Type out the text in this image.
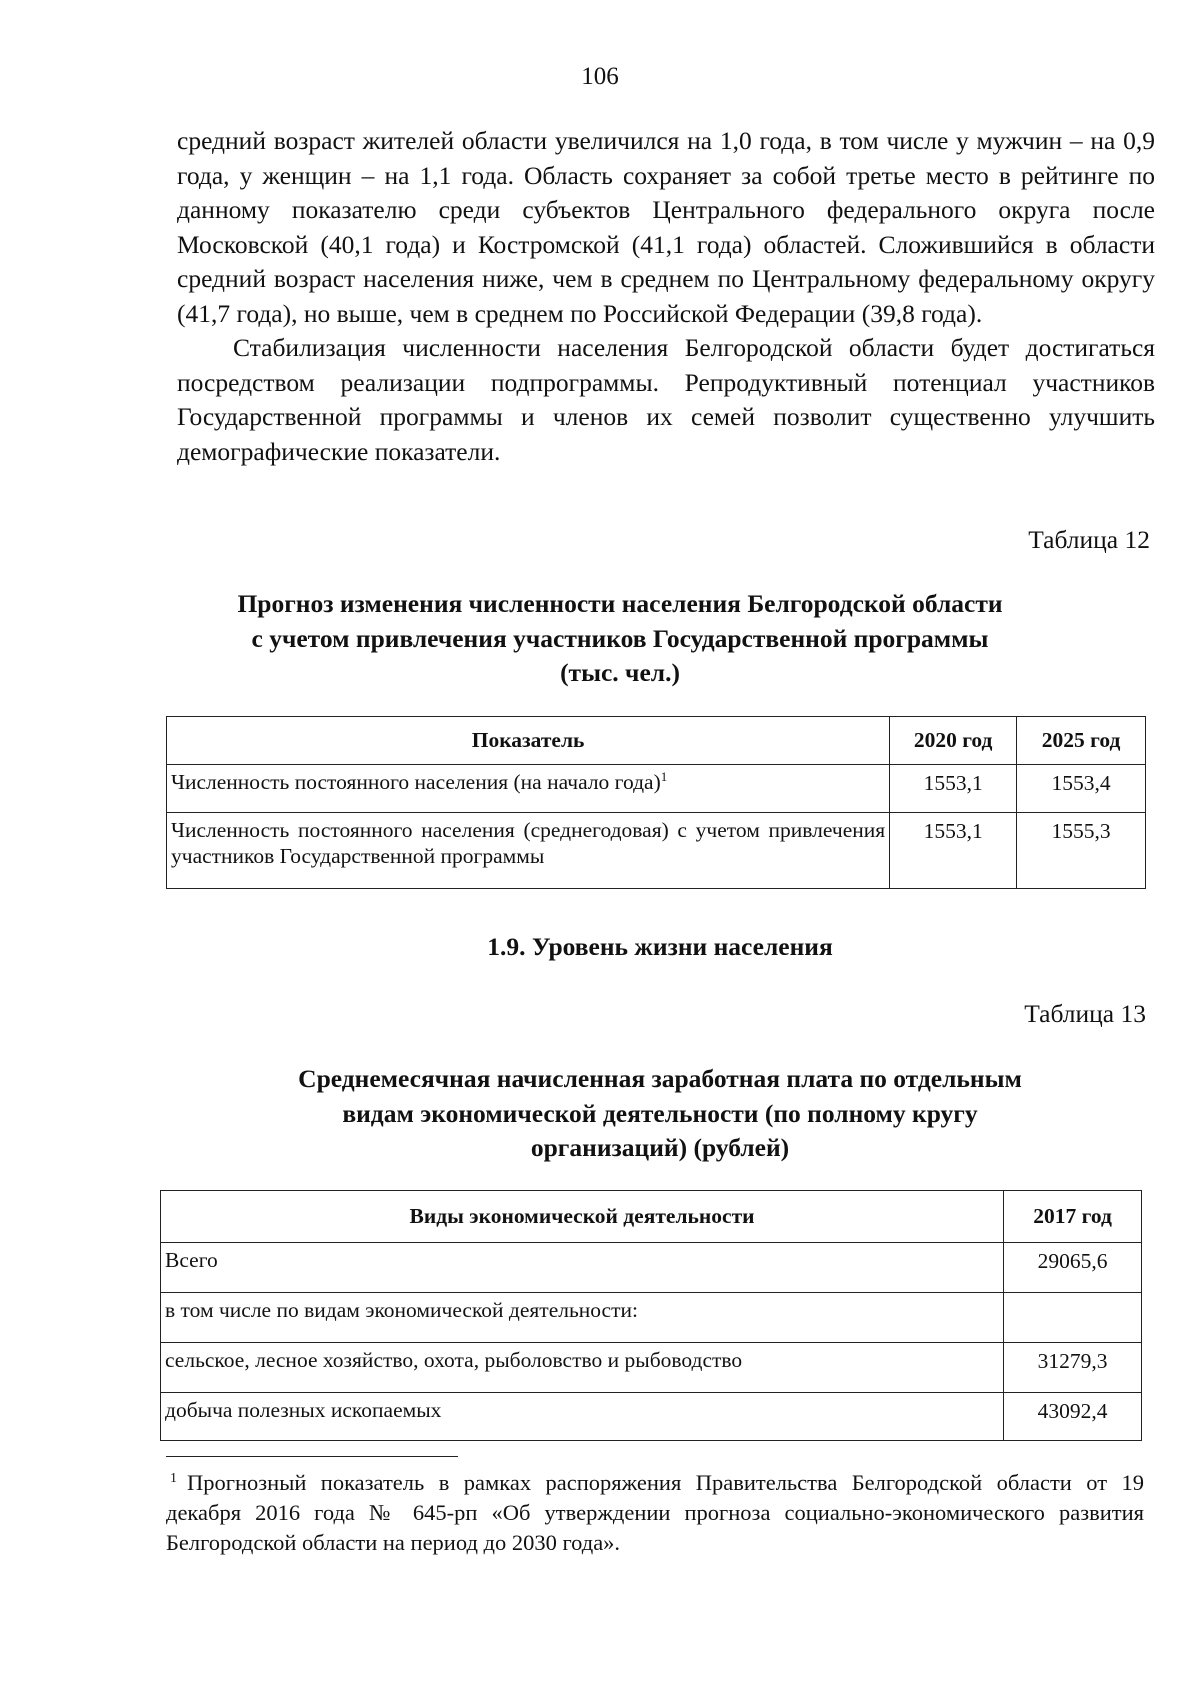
106

средний возраст жителей области увеличился на 1,0 года, в том числе у мужчин – на 0,9 года, у женщин – на 1,1 года. Область сохраняет за собой третье место в рейтинге по данному показателю среди субъектов Центрального федерального округа после Московской (40,1 года) и Костромской (41,1 года) областей. Сложившийся в области средний возраст населения ниже, чем в среднем по Центральному федеральному округу (41,7 года), но выше, чем в среднем по Российской Федерации (39,8 года).

Стабилизация численности населения Белгородской области будет достигаться посредством реализации подпрограммы. Репродуктивный потенциал участников Государственной программы и членов их семей позволит существенно улучшить демографические показатели.

Таблица 12
Прогноз изменения численности населения Белгородской области
с учетом привлечения участников Государственной программы
(тыс. чел.)
Показатель	2020 год	2025 год
Численность постоянного населения (на начало года)$^1$	1553,1	1553,4
Численность постоянного населения (среднегодовая) с учетом привлечения участников Государственной программы	1553,1	1555,3
1.9. Уровень жизни населения
Таблица 13
Среднемесячная начисленная заработная плата по отдельным
видам экономической деятельности (по полному кругу
организаций) (рублей)
Виды экономической деятельности	2017 год
Всего	29065,6
в том числе по видам экономической деятельности:	
сельское, лесное хозяйство, охота, рыболовство и рыбоводство	31279,3
добыча полезных ископаемых	43092,4

$^1$ Прогнозный показатель в рамках распоряжения Правительства Белгородской области от 19 декабря 2016 года № 645-рп «Об утверждении прогноза социально-экономического развития Белгородской области на период до 2030 года».
